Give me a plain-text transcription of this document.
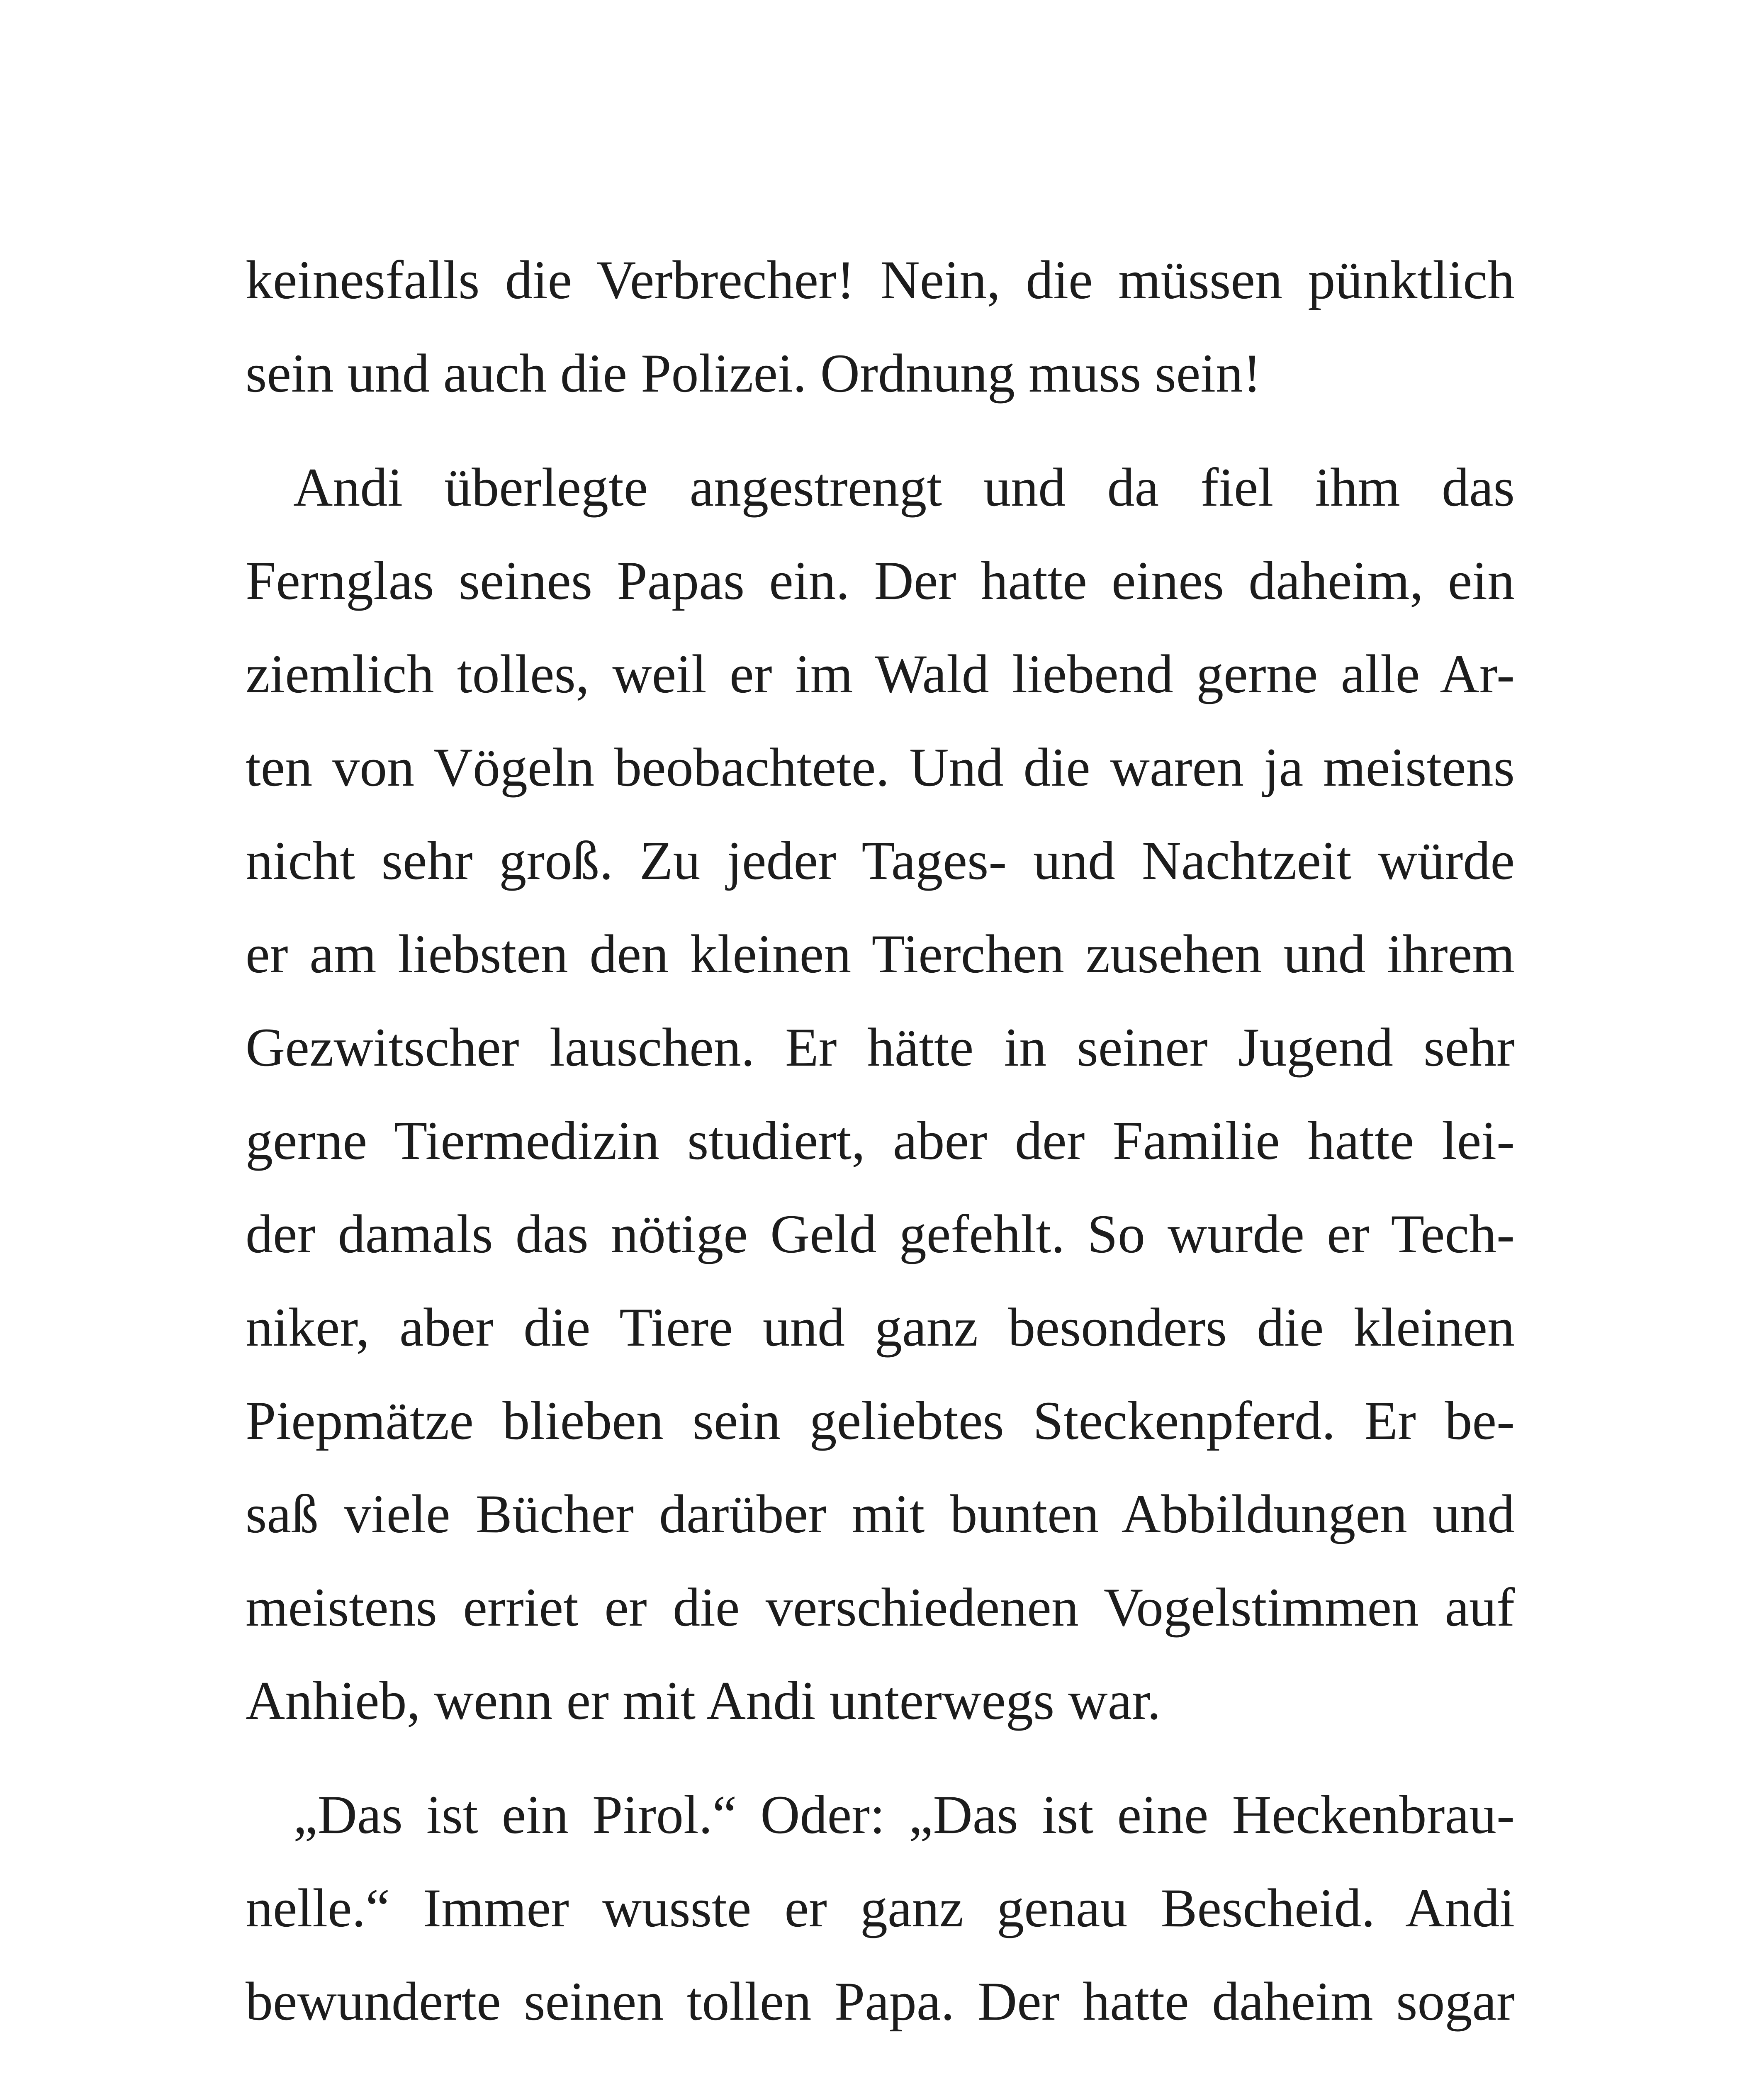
keinesfalls die Verbrecher! Nein, die müssen pünktlich
sein und auch die Polizei. Ordnung muss sein!
Andi überlegte angestrengt und da fiel ihm das
Fernglas seines Papas ein. Der hatte eines daheim, ein
ziemlich tolles, weil er im Wald liebend gerne alle Ar-
ten von Vögeln beobachtete. Und die waren ja meistens
nicht sehr groß. Zu jeder Tages- und Nachtzeit würde
er am liebsten den kleinen Tierchen zusehen und ihrem
Gezwitscher lauschen. Er hätte in seiner Jugend sehr
gerne Tiermedizin studiert, aber der Familie hatte lei-
der damals das nötige Geld gefehlt. So wurde er Tech-
niker, aber die Tiere und ganz besonders die kleinen
Piepmätze blieben sein geliebtes Steckenpferd. Er be-
saß viele Bücher darüber mit bunten Abbildungen und
meistens erriet er die verschiedenen Vogelstimmen auf
Anhieb, wenn er mit Andi unterwegs war.
„Das ist ein Pirol.“ Oder: „Das ist eine Heckenbrau-
nelle.“ Immer wusste er ganz genau Bescheid. Andi
bewunderte seinen tollen Papa. Der hatte daheim sogar
